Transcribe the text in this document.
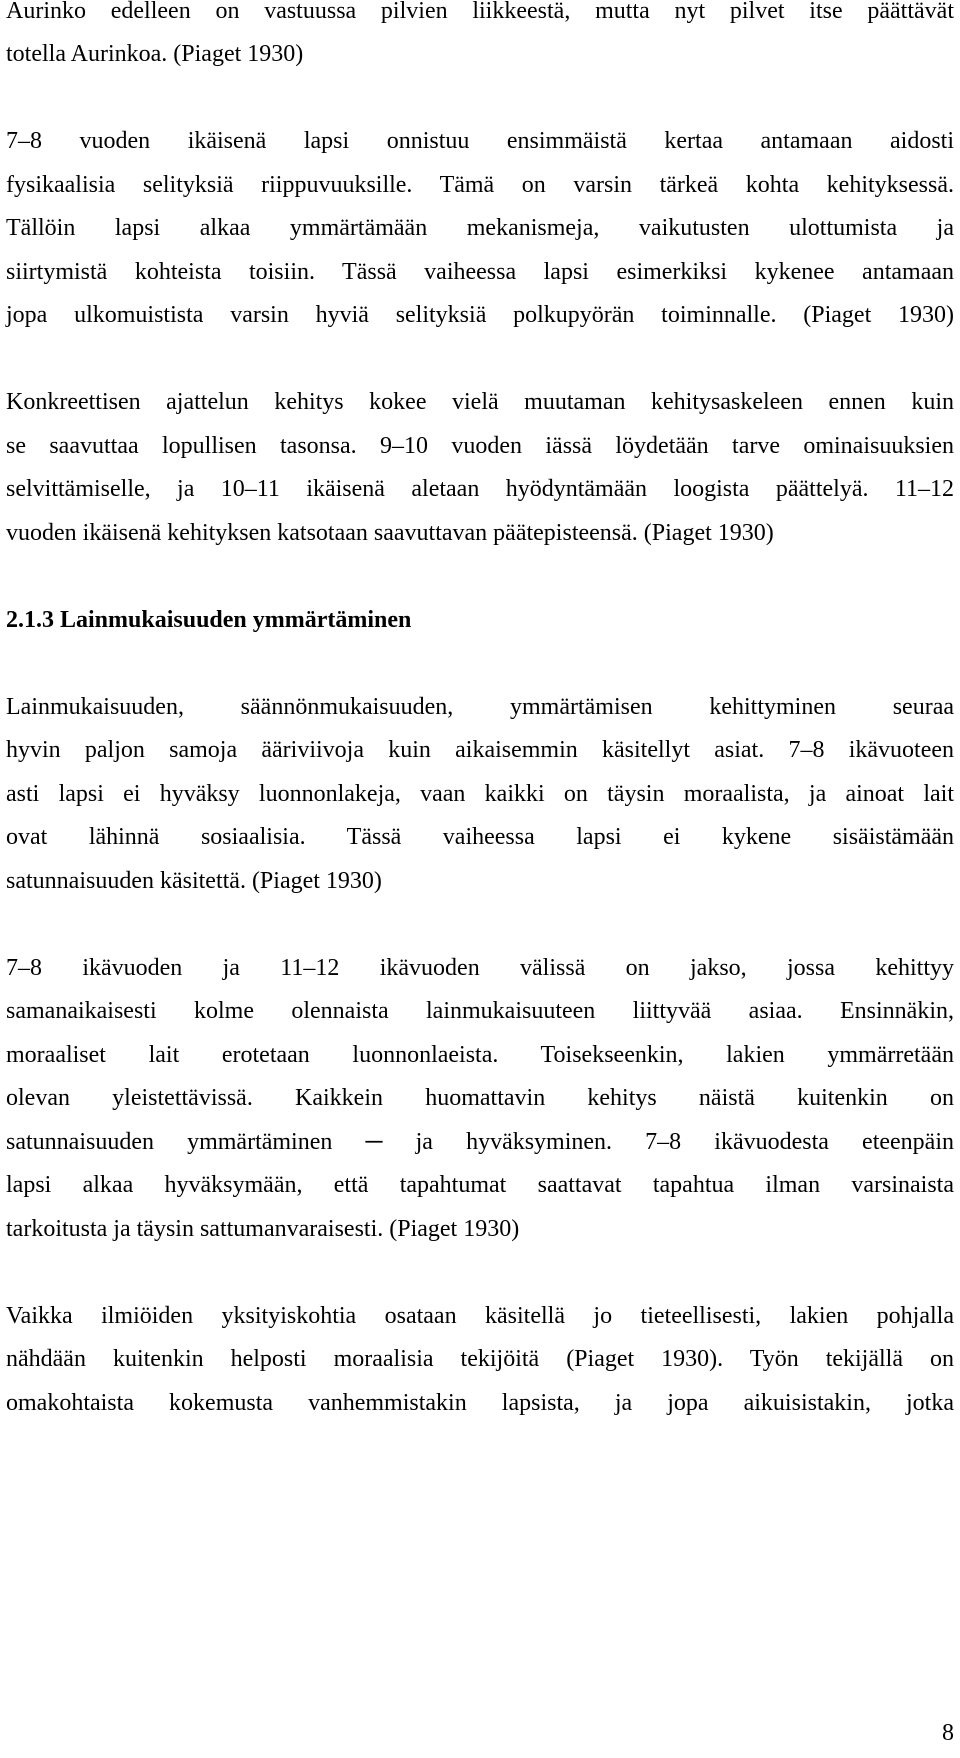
Aurinko edelleen on vastuussa pilvien liikkeestä, mutta nyt pilvet itse päättävät
totella Aurinkoa. (Piaget 1930)
7–8 vuoden ikäisenä lapsi onnistuu ensimmäistä kertaa antamaan aidosti
fysikaalisia selityksiä riippuvuuksille. Tämä on varsin tärkeä kohta kehityksessä.
Tällöin lapsi alkaa ymmärtämään mekanismeja, vaikutusten ulottumista ja
siirtymistä kohteista toisiin. Tässä vaiheessa lapsi esimerkiksi kykenee antamaan
jopa ulkomuistista varsin hyviä selityksiä polkupyörän toiminnalle. (Piaget 1930)
Konkreettisen ajattelun kehitys kokee vielä muutaman kehitysaskeleen ennen kuin
se saavuttaa lopullisen tasonsa. 9–10 vuoden iässä löydetään tarve ominaisuuksien
selvittämiselle, ja 10–11 ikäisenä aletaan hyödyntämään loogista päättelyä. 11–12
vuoden ikäisenä kehityksen katsotaan saavuttavan päätepisteensä. (Piaget 1930)
2.1.3 Lainmukaisuuden ymmärtäminen
Lainmukaisuuden, säännönmukaisuuden, ymmärtämisen kehittyminen seuraa
hyvin paljon samoja ääriviivoja kuin aikaisemmin käsitellyt asiat. 7–8 ikävuoteen
asti lapsi ei hyväksy luonnonlakeja, vaan kaikki on täysin moraalista, ja ainoat lait
ovat lähinnä sosiaalisia. Tässä vaiheessa lapsi ei kykene sisäistämään
satunnaisuuden käsitettä. (Piaget 1930)
7–8 ikävuoden ja 11–12 ikävuoden välissä on jakso, jossa kehittyy
samanaikaisesti kolme olennaista lainmukaisuuteen liittyvää asiaa. Ensinnäkin,
moraaliset lait erotetaan luonnonlaeista. Toisekseenkin, lakien ymmärretään
olevan yleistettävissä. Kaikkein huomattavin kehitys näistä kuitenkin on
satunnaisuuden ymmärtäminen ─ ja hyväksyminen. 7–8 ikävuodesta eteenpäin
lapsi alkaa hyväksymään, että tapahtumat saattavat tapahtua ilman varsinaista
tarkoitusta ja täysin sattumanvaraisesti. (Piaget 1930)
Vaikka ilmiöiden yksityiskohtia osataan käsitellä jo tieteellisesti, lakien pohjalla
nähdään kuitenkin helposti moraalisia tekijöitä (Piaget 1930). Työn tekijällä on
omakohtaista kokemusta vanhemmistakin lapsista, ja jopa aikuisistakin, jotka
8
